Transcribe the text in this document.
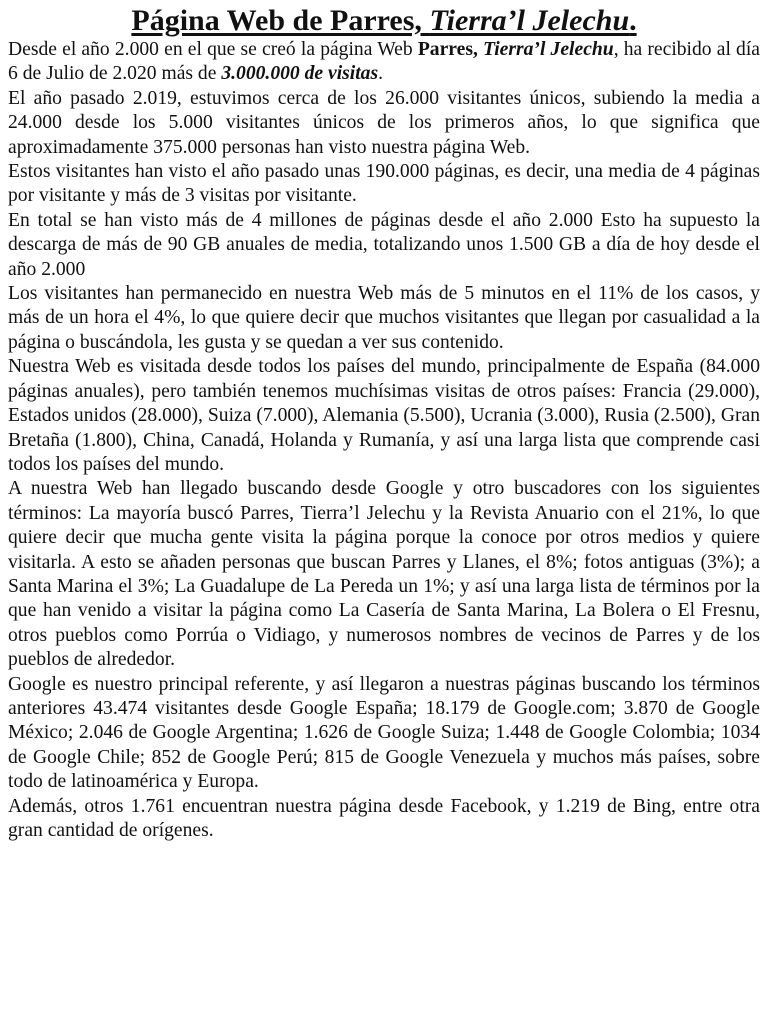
Página Web de Parres, Tierra’l Jelechu.

Desde el año 2.000 en el que se creó la página Web Parres, Tierra’l Jelechu, ha recibido al día 6 de Julio de 2.020 más de 3.000.000 de visitas.

El año pasado 2.019, estuvimos cerca de los 26.000 visitantes únicos, subiendo la media a 24.000 desde los 5.000 visitantes únicos de los primeros años, lo que significa que aproximadamente 375.000 personas han visto nuestra página Web.

Estos visitantes han visto el año pasado unas 190.000 páginas, es decir, una media de 4 páginas por visitante y más de 3 visitas por visitante.

En total se han visto más de 4 millones de páginas desde el año 2.000 Esto ha supuesto la descarga de más de 90 GB anuales de media, totalizando unos 1.500 GB a día de hoy desde el año 2.000

Los visitantes han permanecido en nuestra Web más de 5 minutos en el 11% de los casos, y más de un hora el 4%, lo que quiere decir que muchos visitantes que llegan por casualidad a la página o buscándola, les gusta y se quedan a ver sus contenido.

Nuestra Web es visitada desde todos los países del mundo, principalmente de España (84.000 páginas anuales), pero también tenemos muchísimas visitas de otros países: Francia (29.000), Estados unidos (28.000), Suiza (7.000), Alemania (5.500), Ucrania (3.000), Rusia (2.500), Gran Bretaña (1.800), China, Canadá, Holanda y Rumanía, y así una larga lista que comprende casi todos los países del mundo.

A nuestra Web han llegado buscando desde Google y otro buscadores con los siguientes términos: La mayoría buscó Parres, Tierra’l Jelechu y la Revista Anuario con el 21%, lo que quiere decir que mucha gente visita la página porque la conoce por otros medios y quiere visitarla. A esto se añaden personas que buscan Parres y Llanes, el 8%; fotos antiguas (3%); a Santa Marina el 3%; La Guadalupe de La Pereda un 1%; y así una larga lista de términos por la que han venido a visitar la página como La Casería de Santa Marina, La Bolera o El Fresnu, otros pueblos como Porrúa o Vidiago, y numerosos nombres de vecinos de Parres y de los pueblos de alrededor.

Google es nuestro principal referente, y así llegaron a nuestras páginas buscando los términos anteriores 43.474 visitantes desde Google España; 18.179 de Google.com; 3.870 de Google México; 2.046 de Google Argentina; 1.626 de Google Suiza; 1.448 de Google Colombia; 1034 de Google Chile; 852 de Google Perú; 815 de Google Venezuela y muchos más países, sobre todo de latinoamérica y Europa.

Además, otros 1.761 encuentran nuestra página desde Facebook, y 1.219 de Bing, entre otra gran cantidad de orígenes.
